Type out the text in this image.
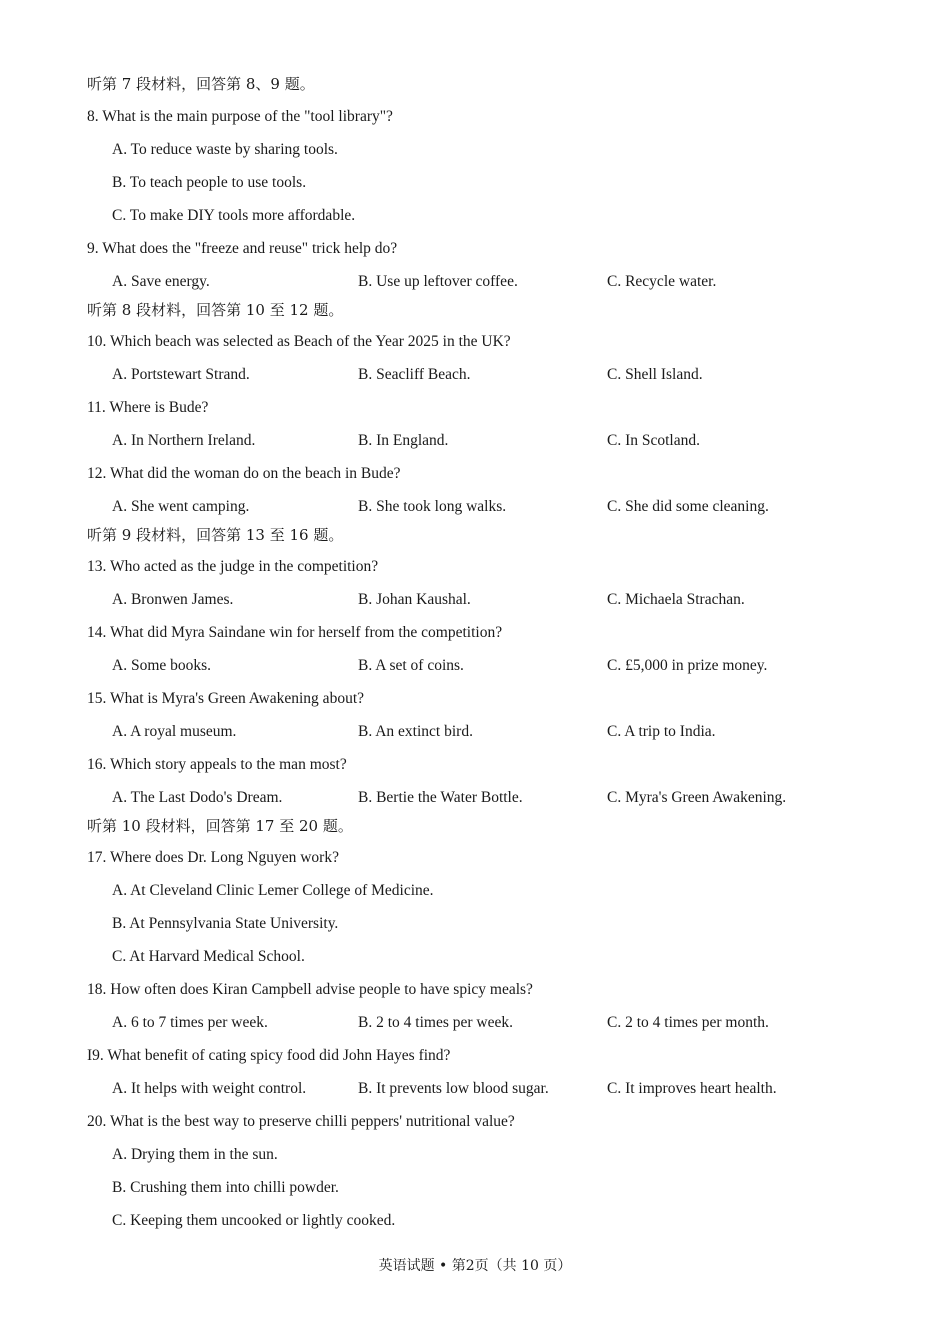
听第 7 段材料，回答第 8、9 题。
8. What is the main purpose of the "tool library"?
A. To reduce waste by sharing tools.
B. To teach people to use tools.
C. To make DIY tools more affordable.
9. What does the "freeze and reuse" trick help do?
A. Save energy.	B. Use up leftover coffee.	C. Recycle water.
听第 8 段材料，回答第 10 至 12 题。
10. Which beach was selected as Beach of the Year 2025 in the UK?
A. Portstewart Strand.	B. Seacliff Beach.	C. Shell Island.
11. Where is Bude?
A. In Northern Ireland.	B. In England.	C. In Scotland.
12. What did the woman do on the beach in Bude?
A. She went camping.	B. She took long walks.	C. She did some cleaning.
听第 9 段材料，回答第 13 至 16 题。
13. Who acted as the judge in the competition?
A. Bronwen James.	B. Johan Kaushal.	C. Michaela Strachan.
14. What did Myra Saindane win for herself from the competition?
A. Some books.	B. A set of coins.	C. £5,000 in prize money.
15. What is Myra's Green Awakening about?
A. A royal museum.	B. An extinct bird.	C. A trip to India.
16. Which story appeals to the man most?
A. The Last Dodo's Dream.	B. Bertie the Water Bottle.	C. Myra's Green Awakening.
听第 10 段材料，回答第 17 至 20 题。
17. Where does Dr. Long Nguyen work?
A. At Cleveland Clinic Lemer College of Medicine.
B. At Pennsylvania State University.
C. At Harvard Medical School.
18. How often does Kiran Campbell advise people to have spicy meals?
A. 6 to 7 times per week.	B. 2 to 4 times per week.	C. 2 to 4 times per month.
I9. What benefit of cating spicy food did John Hayes find?
A. It helps with weight control.	B. It prevents low blood sugar.	C. It improves heart health.
20. What is the best way to preserve chilli peppers' nutritional value?
A. Drying them in the sun.
B. Crushing them into chilli powder.
C. Keeping them uncooked or lightly cooked.
英语试题 • 第2页（共 10 页）
